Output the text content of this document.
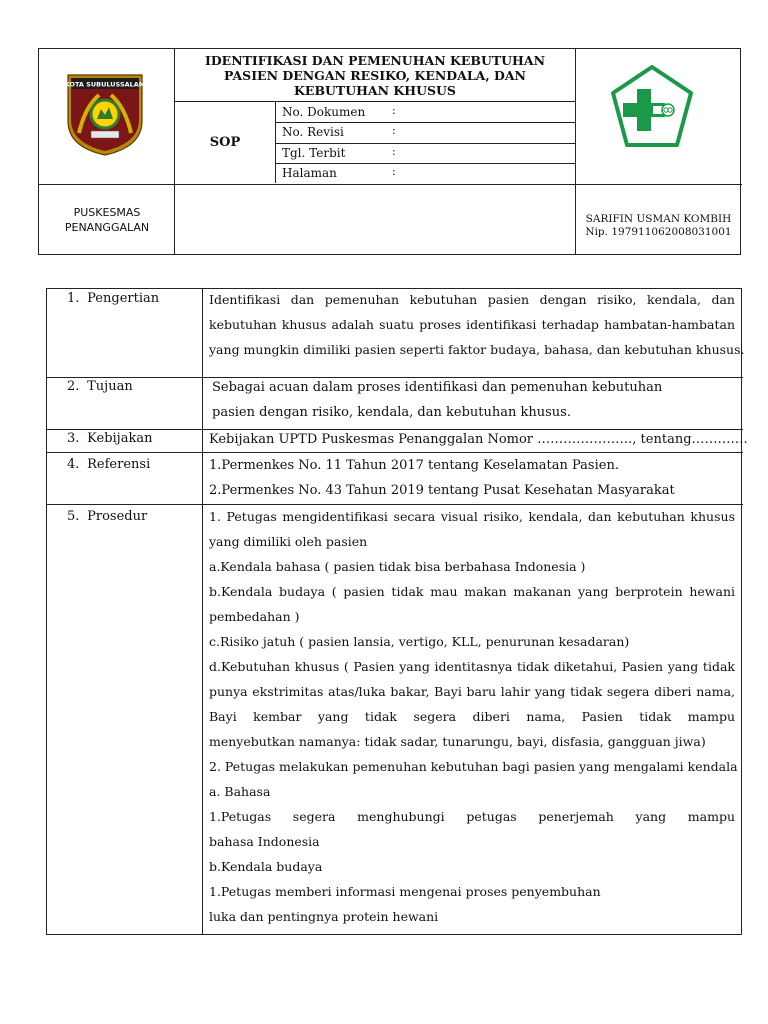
KOTA SUBULUSSALAM
IDENTIFIKASI DAN PEMENUHAN KEBUTUHAN
PASIEN DENGAN RESIKO, KENDALA, DAN
KEBUTUHAN KHUSUS
SOP
No. Dokumen :
No. Revisi	:
Tgl. Terbit	:
Halaman	:
PUSKESMAS
PENANGGALAN
SARIFIN USMAN KOMBIH
Nip. 197911062008031001
1. Pengertian	Identifikasi dan pemenuhan kebutuhan pasien dengan risiko, kendala, dan
kebutuhan khusus adalah suatu proses identifikasi terhadap hambatan-hambatan
yang mungkin dimiliki pasien seperti faktor budaya, bahasa, dan kebutuhan khusus.
2. Tujuan	Sebagai acuan dalam proses identifikasi dan pemenuhan kebutuhan
pasien dengan risiko, kendala, dan kebutuhan khusus.
3. Kebijakan	Kebijakan UPTD Puskesmas Penanggalan Nomor …………………., tentang………….
4. Referensi	1.Permenkes No. 11 Tahun 2017 tentang Keselamatan Pasien.
2.Permenkes No. 43 Tahun 2019 tentang Pusat Kesehatan Masyarakat
5. Prosedur	1. Petugas mengidentifikasi secara visual risiko, kendala, dan kebutuhan khusus
yang dimiliki oleh pasien
a.Kendala bahasa ( pasien tidak bisa berbahasa Indonesia )
b.Kendala budaya ( pasien tidak mau makan makanan yang berprotein hewani
pembedahan )
c.Risiko jatuh ( pasien lansia, vertigo, KLL, penurunan kesadaran)
d.Kebutuhan khusus ( Pasien yang identitasnya tidak diketahui, Pasien yang tidak
punya ekstrimitas atas/luka bakar, Bayi baru lahir yang tidak segera diberi nama,
Bayi kembar yang tidak segera diberi nama, Pasien tidak mampu
menyebutkan namanya: tidak sadar, tunarungu, bayi, disfasia, gangguan jiwa)
2. Petugas melakukan pemenuhan kebutuhan bagi pasien yang mengalami kendala
a. Bahasa
1.Petugas segera menghubungi petugas penerjemah yang mampu
bahasa Indonesia
b.Kendala budaya
1.Petugas memberi informasi mengenai proses penyembuhan
luka dan pentingnya protein hewani
